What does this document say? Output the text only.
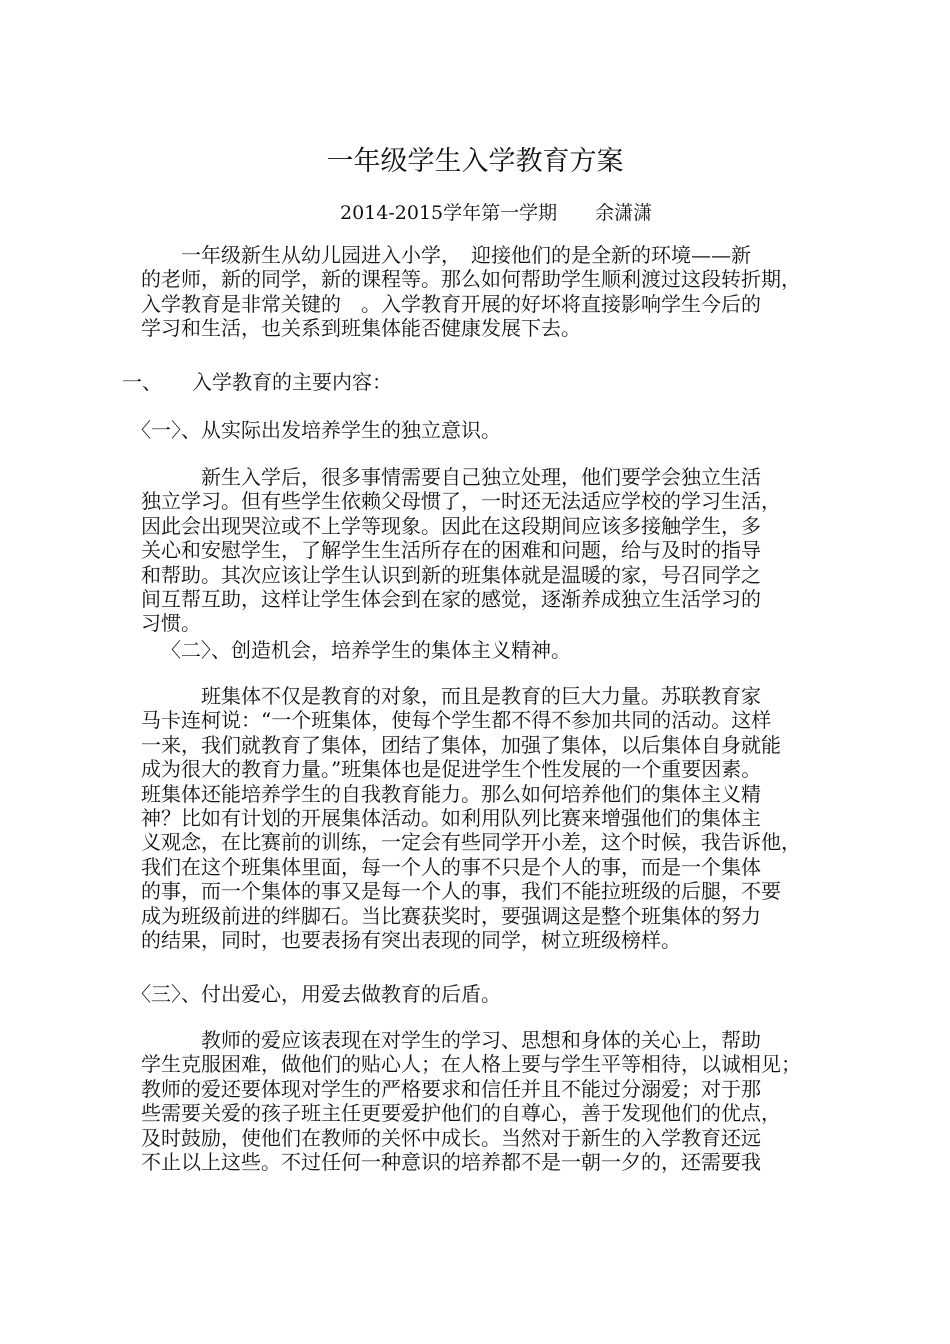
一年级学生入学教育方案
2014-2015学年第一学期　　余潇潇
　　一年级新生从幼儿园进入小学，　迎接他们的是全新的环境——新
的老师，新的同学，新的课程等。那么如何帮助学生顺利渡过这段转折期，
入学教育是非常关键的　。入学教育开展的好坏将直接影响学生今后的
学习和生活，也关系到班集体能否健康发展下去。
一、　　入学教育的主要内容：
〈一〉、从实际出发培养学生的独立意识。
　　　新生入学后，很多事情需要自己独立处理，他们要学会独立生活
独立学习。但有些学生依赖父母惯了，一时还无法适应学校的学习生活，
因此会出现哭泣或不上学等现象。因此在这段期间应该多接触学生，多
关心和安慰学生，了解学生生活所存在的困难和问题，给与及时的指导
和帮助。其次应该让学生认识到新的班集体就是温暖的家，号召同学之
间互帮互助，这样让学生体会到在家的感觉，逐渐养成独立生活学习的
习惯。
〈二〉、创造机会，培养学生的集体主义精神。
　　　班集体不仅是教育的对象，而且是教育的巨大力量。苏联教育家
马卡连柯说：“一个班集体，使每个学生都不得不参加共同的活动。这样
一来，我们就教育了集体，团结了集体，加强了集体，以后集体自身就能
成为很大的教育力量。”班集体也是促进学生个性发展的一个重要因素。
班集体还能培养学生的自我教育能力。那么如何培养他们的集体主义精
神？比如有计划的开展集体活动。如利用队列比赛来增强他们的集体主
义观念，在比赛前的训练，一定会有些同学开小差，这个时候，我告诉他，
我们在这个班集体里面，每一个人的事不只是个人的事，而是一个集体
的事，而一个集体的事又是每一个人的事，我们不能拉班级的后腿，不要
成为班级前进的绊脚石。当比赛获奖时，要强调这是整个班集体的努力
的结果，同时，也要表扬有突出表现的同学，树立班级榜样。
〈三〉、付出爱心，用爱去做教育的后盾。
　　　教师的爱应该表现在对学生的学习、思想和身体的关心上，帮助
学生克服困难，做他们的贴心人；在人格上要与学生平等相待，以诚相见；
教师的爱还要体现对学生的严格要求和信任并且不能过分溺爱；对于那
些需要关爱的孩子班主任更要爱护他们的自尊心，善于发现他们的优点，
及时鼓励，使他们在教师的关怀中成长。当然对于新生的入学教育还远
不止以上这些。不过任何一种意识的培养都不是一朝一夕的，还需要我
